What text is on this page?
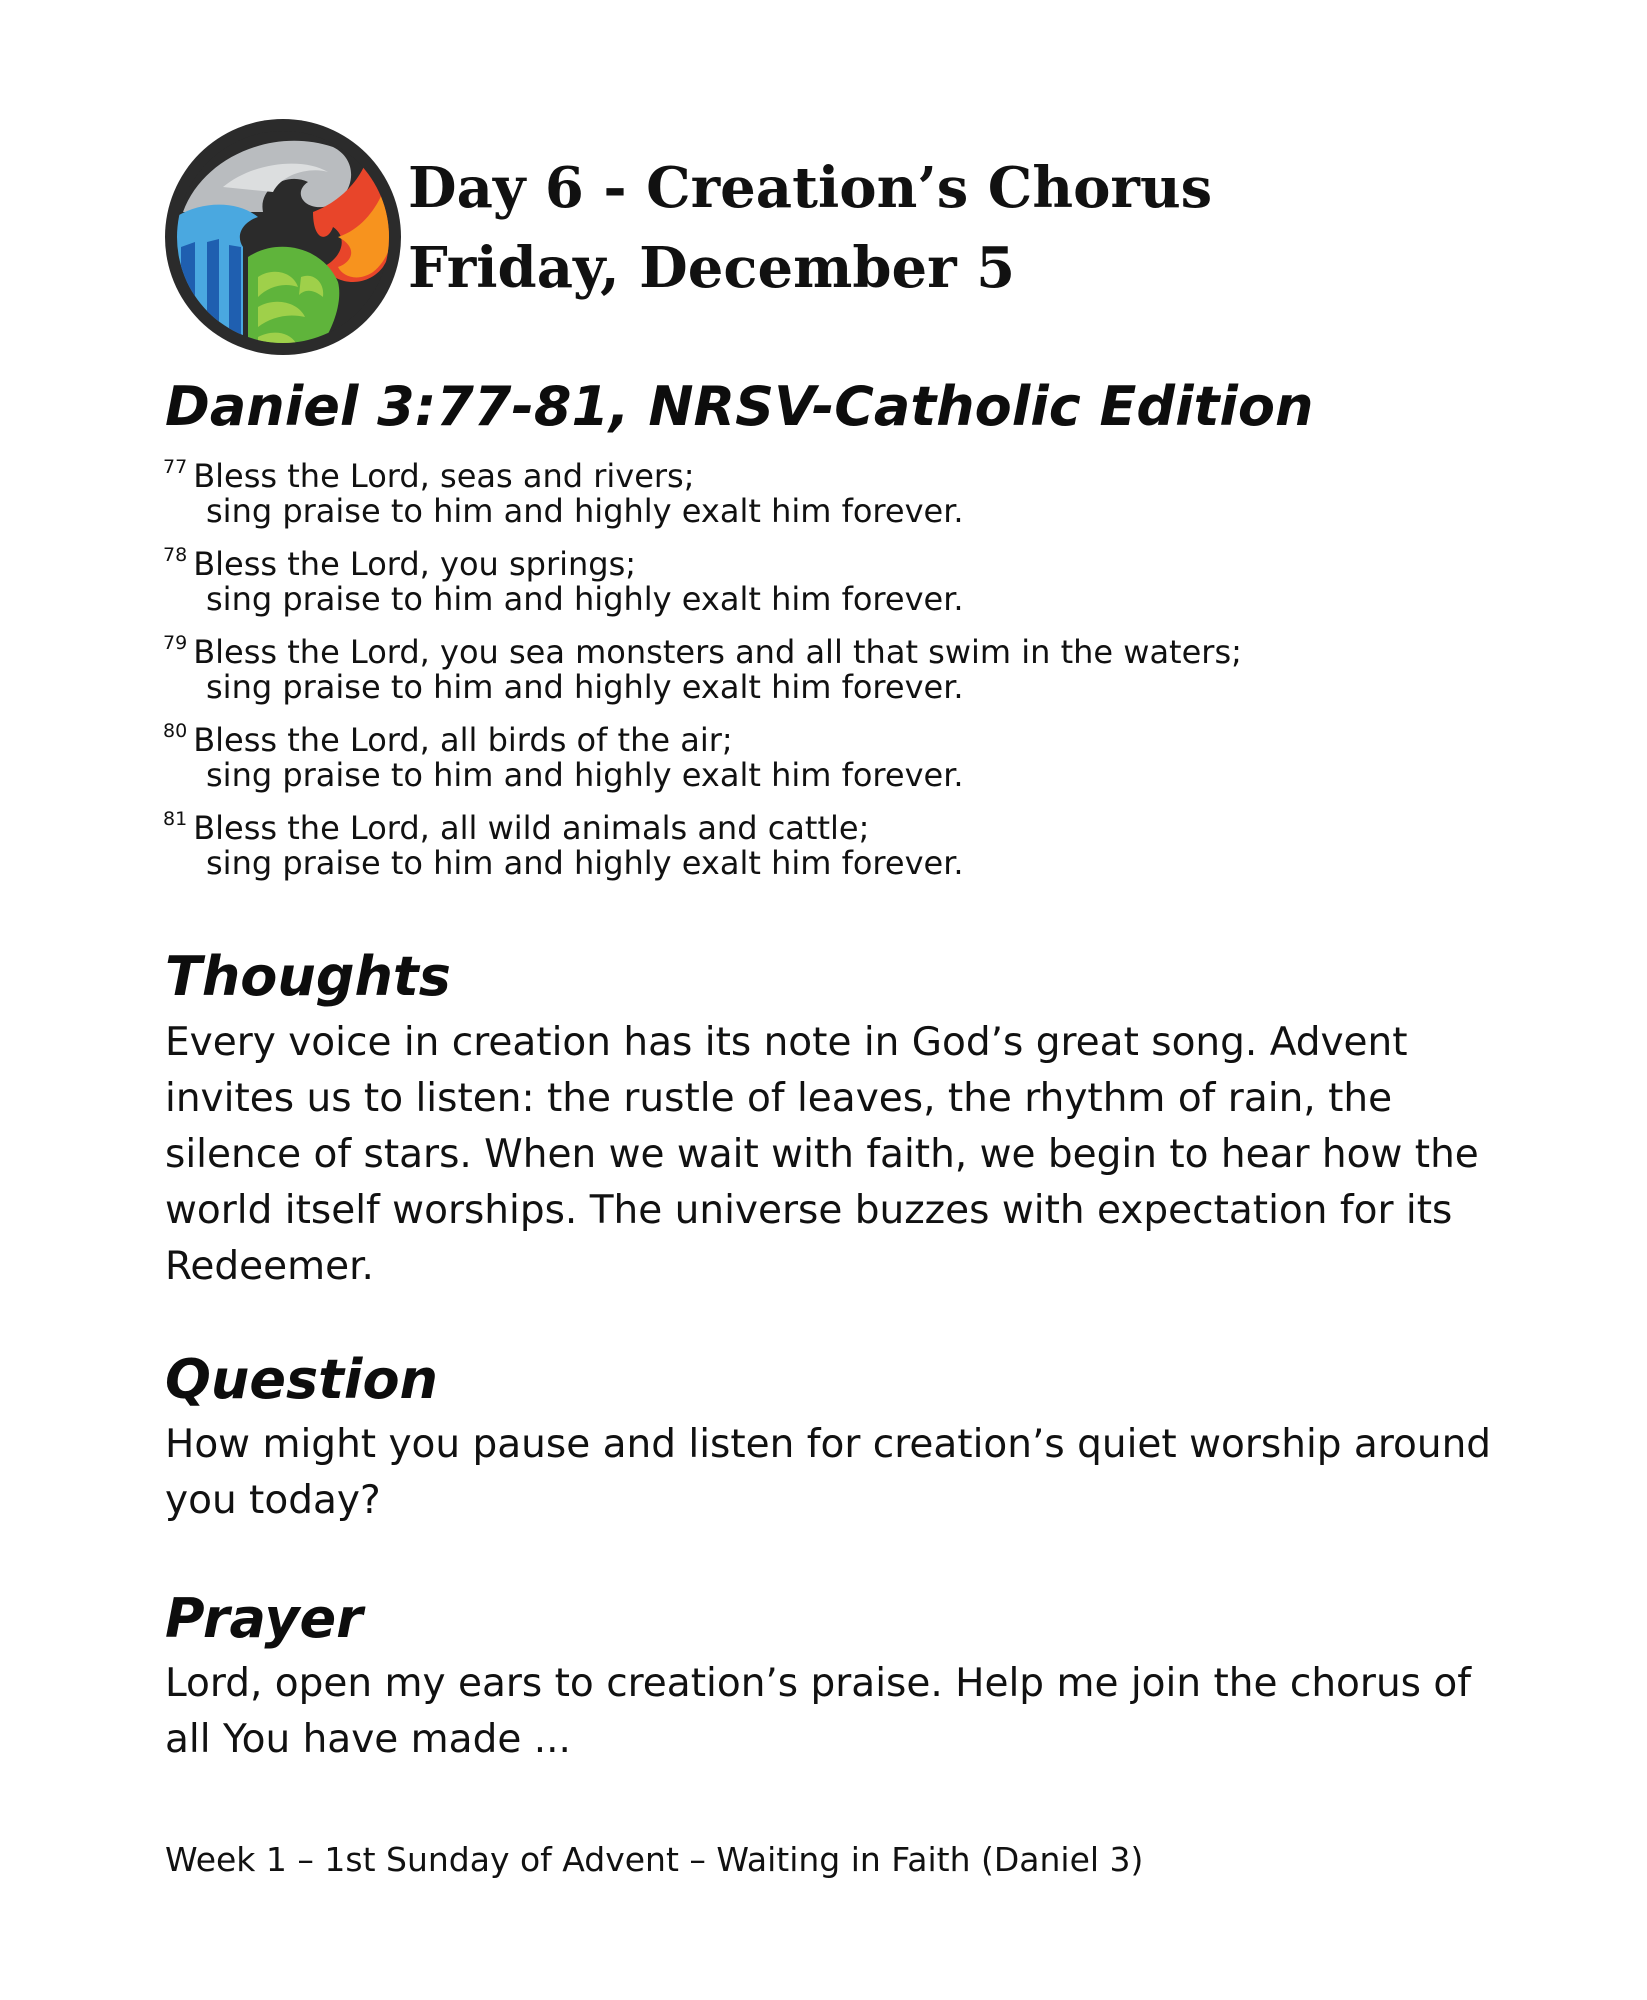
Day 6 - Creation’s Chorus
Friday, December 5
Daniel 3:77-81, NRSV-Catholic Edition
$^{77}$ Bless the Lord, seas and rivers;
sing praise to him and highly exalt him forever.
$^{78}$ Bless the Lord, you springs;
sing praise to him and highly exalt him forever.
$^{79}$ Bless the Lord, you sea monsters and all that swim in the waters;
sing praise to him and highly exalt him forever.
$^{80}$ Bless the Lord, all birds of the air;
sing praise to him and highly exalt him forever.
$^{81}$ Bless the Lord, all wild animals and cattle;
sing praise to him and highly exalt him forever.
Thoughts

Every voice in creation has its note in God’s great song. Advent invites us to listen: the rustle of leaves, the rhythm of rain, the silence of stars. When we wait with faith, we begin to hear how the world itself worships. The universe buzzes with expectation for its Redeemer.

Question

How might you pause and listen for creation’s quiet worship around you today?

Prayer

Lord, open my ears to creation’s praise. Help me join the chorus of all You have made ...

Week 1 – 1st Sunday of Advent – Waiting in Faith (Daniel 3)
